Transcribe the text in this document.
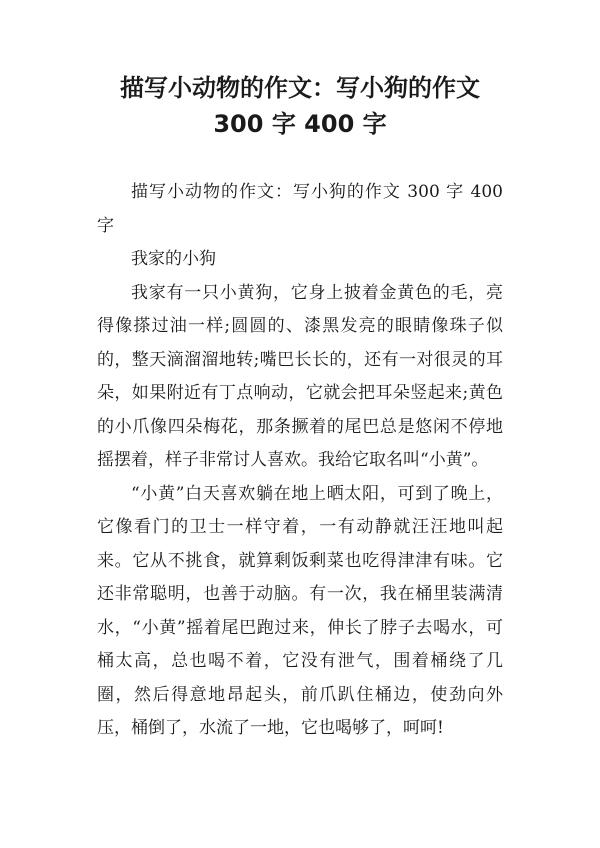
描写小动物的作文：写小狗的作文
300 字 400 字

描写小动物的作文：写小狗的作文 300 字 400 字

我家的小狗

我家有一只小黄狗，它身上披着金黄色的毛，亮得像搽过油一样;圆圆的、漆黑发亮的眼睛像珠子似的，整天滴溜溜地转;嘴巴长长的，还有一对很灵的耳朵，如果附近有丁点响动，它就会把耳朵竖起来;黄色的小爪像四朵梅花，那条撅着的尾巴总是悠闲不停地摇摆着，样子非常讨人喜欢。我给它取名叫“小黄”。

“小黄”白天喜欢躺在地上晒太阳，可到了晚上，它像看门的卫士一样守着，一有动静就汪汪地叫起来。它从不挑食，就算剩饭剩菜也吃得津津有味。它还非常聪明，也善于动脑。有一次，我在桶里装满清水，“小黄”摇着尾巴跑过来，伸长了脖子去喝水，可桶太高，总也喝不着，它没有泄气，围着桶绕了几圈，然后得意地昂起头，前爪趴住桶边，使劲向外压，桶倒了，水流了一地，它也喝够了，呵呵!
